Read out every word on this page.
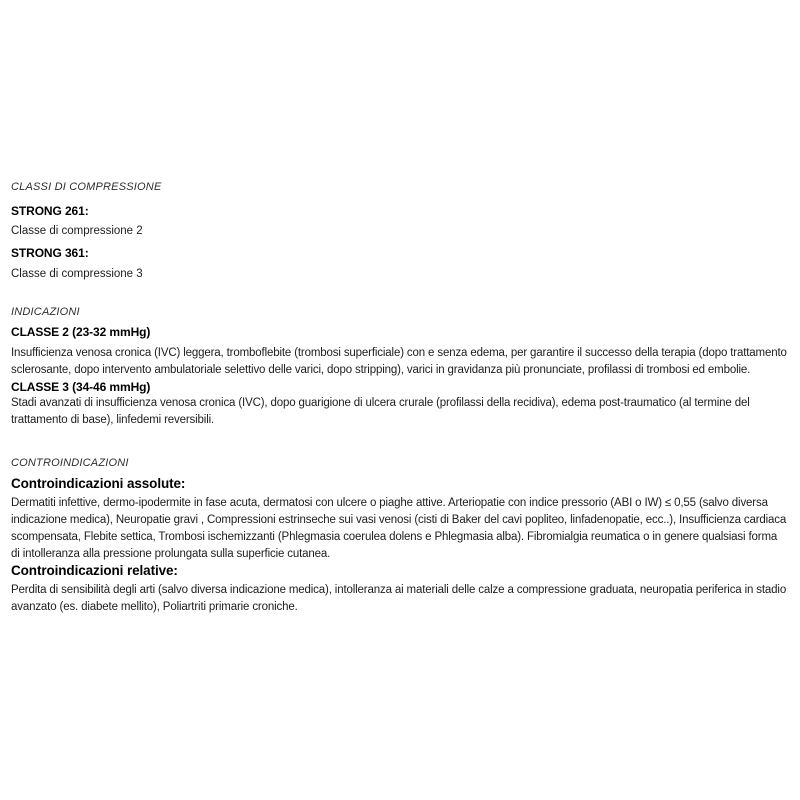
CLASSI DI COMPRESSIONE
STRONG 261:
Classe di compressione 2
STRONG 361:
Classe di compressione 3
INDICAZIONI
CLASSE 2 (23-32 mmHg)
Insufficienza venosa cronica (IVC) leggera, tromboflebite (trombosi superficiale) con e senza edema, per garantire il successo della terapia (dopo trattamento sclerosante, dopo intervento ambulatoriale selettivo delle varici, dopo stripping), varici in gravidanza più pronunciate, profilassi di trombosi ed embolie.
CLASSE 3 (34-46 mmHg)
Stadi avanzati di insufficienza venosa cronica (IVC), dopo guarigione di ulcera crurale (profilassi della recidiva), edema post-traumatico (al termine del trattamento di base), linfedemi reversibili.
CONTROINDICAZIONI
Controindicazioni assolute:
Dermatiti infettive, dermo-ipodermite in fase acuta, dermatosi con ulcere o piaghe attive. Arteriopatie con indice pressorio (ABI o IW) ≤ 0,55 (salvo diversa indicazione medica), Neuropatie gravi , Compressioni estrinseche sui vasi venosi (cisti di Baker del cavi popliteo, linfadenopatie, ecc..), Insufficienza cardiaca scompensata, Flebite settica, Trombosi ischemizzanti (Phlegmasia coerulea dolens e Phlegmasia alba). Fibromialgia reumatica o in genere qualsiasi forma di intolleranza alla pressione prolungata sulla superficie cutanea.
Controindicazioni relative:
Perdita di sensibilità degli arti (salvo diversa indicazione medica), intolleranza ai materiali delle calze a compressione graduata, neuropatia periferica in stadio avanzato (es. diabete mellito), Poliartriti primarie croniche.
